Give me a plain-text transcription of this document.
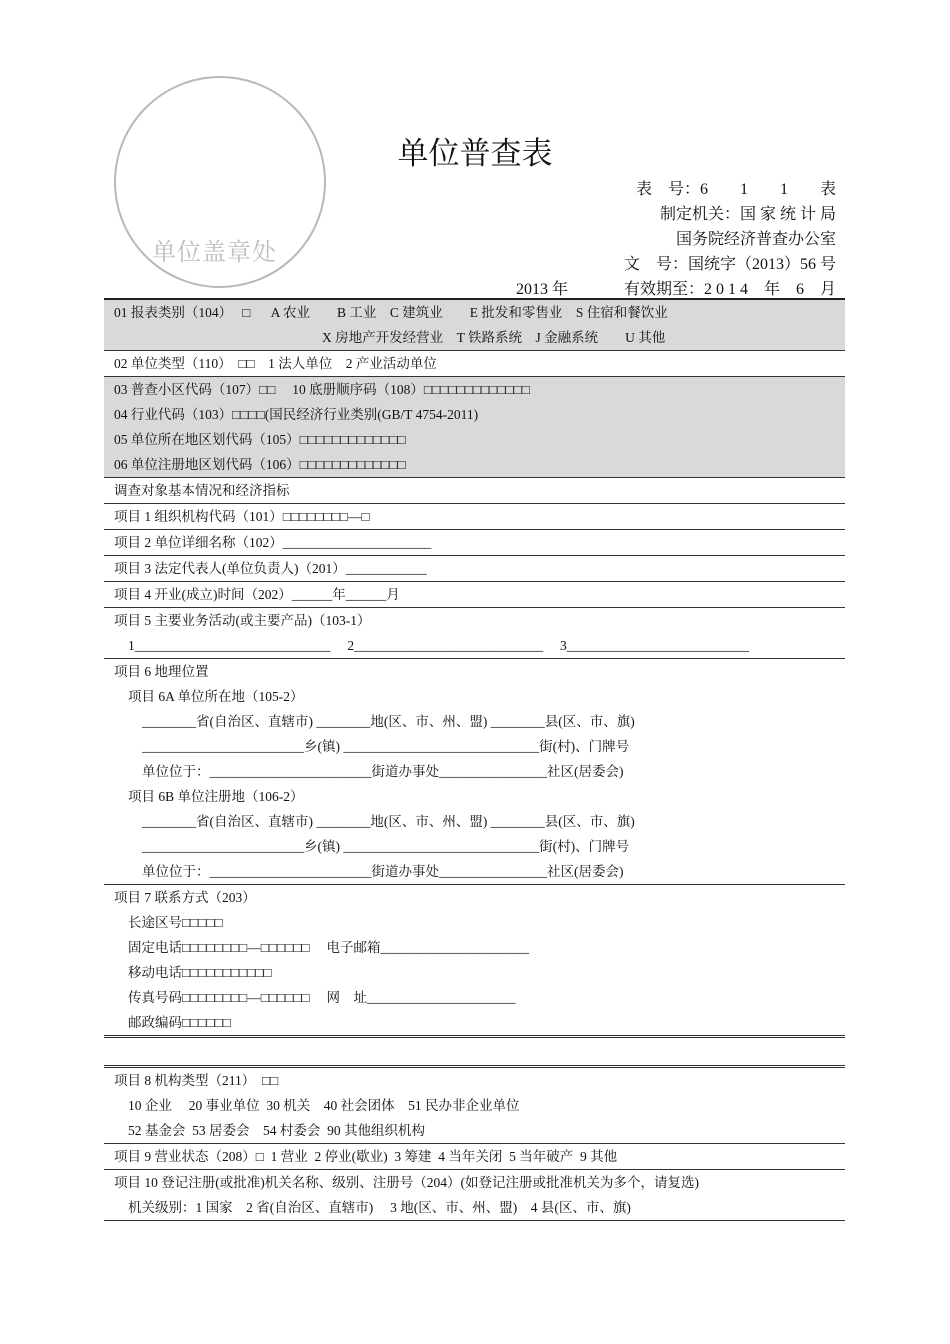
单位盖章处
单位普查表
表　号：6　　1　　1　　表
制定机关：国 家 统 计 局
国务院经济普查办公室
文　号：国统字（2013）56 号
2013 年	有效期至：2 0 1 4　年　6　月
01 报表类别（104）　 □　  A 农业　　B 工业　C 建筑业　　E 批发和零售业　S 住宿和餐饮业
X 房地产开发经营业　T 铁路系统　J 金融系统　　U 其他
02 单位类型（110）　□□　1 法人单位　2 产业活动单位
03 普查小区代码（107）□□　 10 底册顺序码（108）□□□□□□□□□□□□□
04 行业代码（103）□□□□(国民经济行业类别(GB/T 4754-2011)
05 单位所在地区划代码（105）□□□□□□□□□□□□□
06 单位注册地区划代码（106）□□□□□□□□□□□□□
调查对象基本情况和经济指标
项目 1 组织机构代码（101）□□□□□□□□—□
项目 2 单位详细名称（102）______________________
项目 3 法定代表人(单位负责人)（201）____________
项目 4 开业(成立)时间（202）______年______月
项目 5 主要业务活动(或主要产品)（103-1）
1_____________________________　 2____________________________　 3___________________________
项目 6 地理位置
项目 6A 单位所在地（105-2）
________省(自治区、直辖市) ________地(区、市、州、盟) ________县(区、市、旗)
________________________乡(镇) _____________________________街(村)、门牌号
单位位于：________________________街道办事处________________社区(居委会)
项目 6B 单位注册地（106-2）
________省(自治区、直辖市) ________地(区、市、州、盟) ________县(区、市、旗)
________________________乡(镇) _____________________________街(村)、门牌号
单位位于：________________________街道办事处________________社区(居委会)
项目 7 联系方式（203）
长途区号□□□□□
固定电话□□□□□□□□—□□□□□□　 电子邮箱______________________
移动电话□□□□□□□□□□□
传真号码□□□□□□□□—□□□□□□　 网　址______________________
邮政编码□□□□□□
项目 8 机构类型（211）　□□
10 企业　 20 事业单位  30 机关　40 社会团体　51 民办非企业单位
52 基金会  53 居委会　54 村委会  90 其他组织机构
项目 9 营业状态（208）□  1 营业  2 停业(歇业)  3 筹建  4 当年关闭  5 当年破产  9 其他
项目 10 登记注册(或批准)机关名称、级别、注册号（204）(如登记注册或批准机关为多个，请复选)
机关级别：1 国家　2 省(自治区、直辖市)　 3 地(区、市、州、盟)　4 县(区、市、旗)
